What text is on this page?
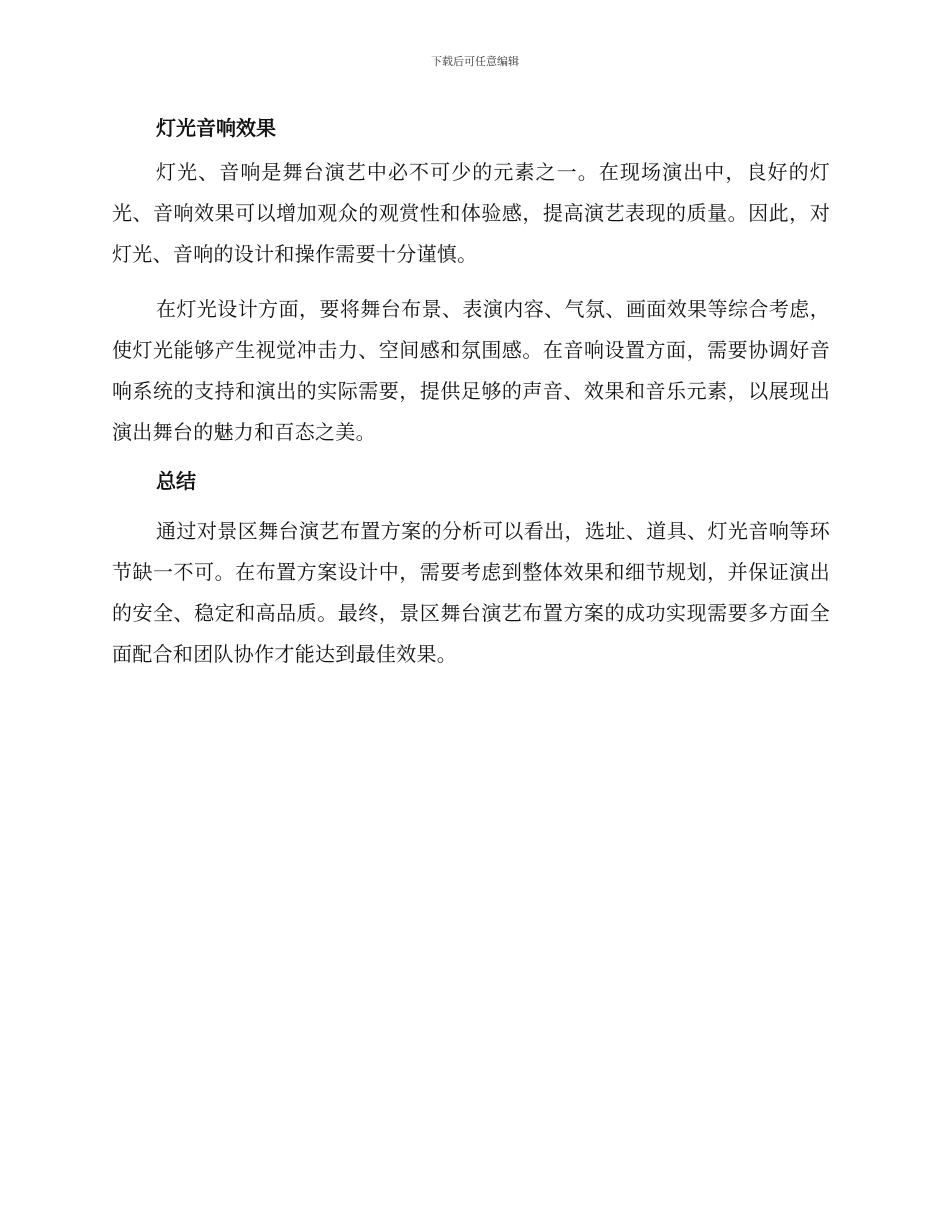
下载后可任意编辑
灯光音响效果

灯光、音响是舞台演艺中必不可少的元素之一。在现场演出中，良好的灯光、音响效果可以增加观众的观赏性和体验感，提高演艺表现的质量。因此，对灯光、音响的设计和操作需要十分谨慎。

在灯光设计方面，要将舞台布景、表演内容、气氛、画面效果等综合考虑，使灯光能够产生视觉冲击力、空间感和氛围感。在音响设置方面，需要协调好音响系统的支持和演出的实际需要，提供足够的声音、效果和音乐元素，以展现出演出舞台的魅力和百态之美。

总结

通过对景区舞台演艺布置方案的分析可以看出，选址、道具、灯光音响等环节缺一不可。在布置方案设计中，需要考虑到整体效果和细节规划，并保证演出的安全、稳定和高品质。最终，景区舞台演艺布置方案的成功实现需要多方面全面配合和团队协作才能达到最佳效果。
